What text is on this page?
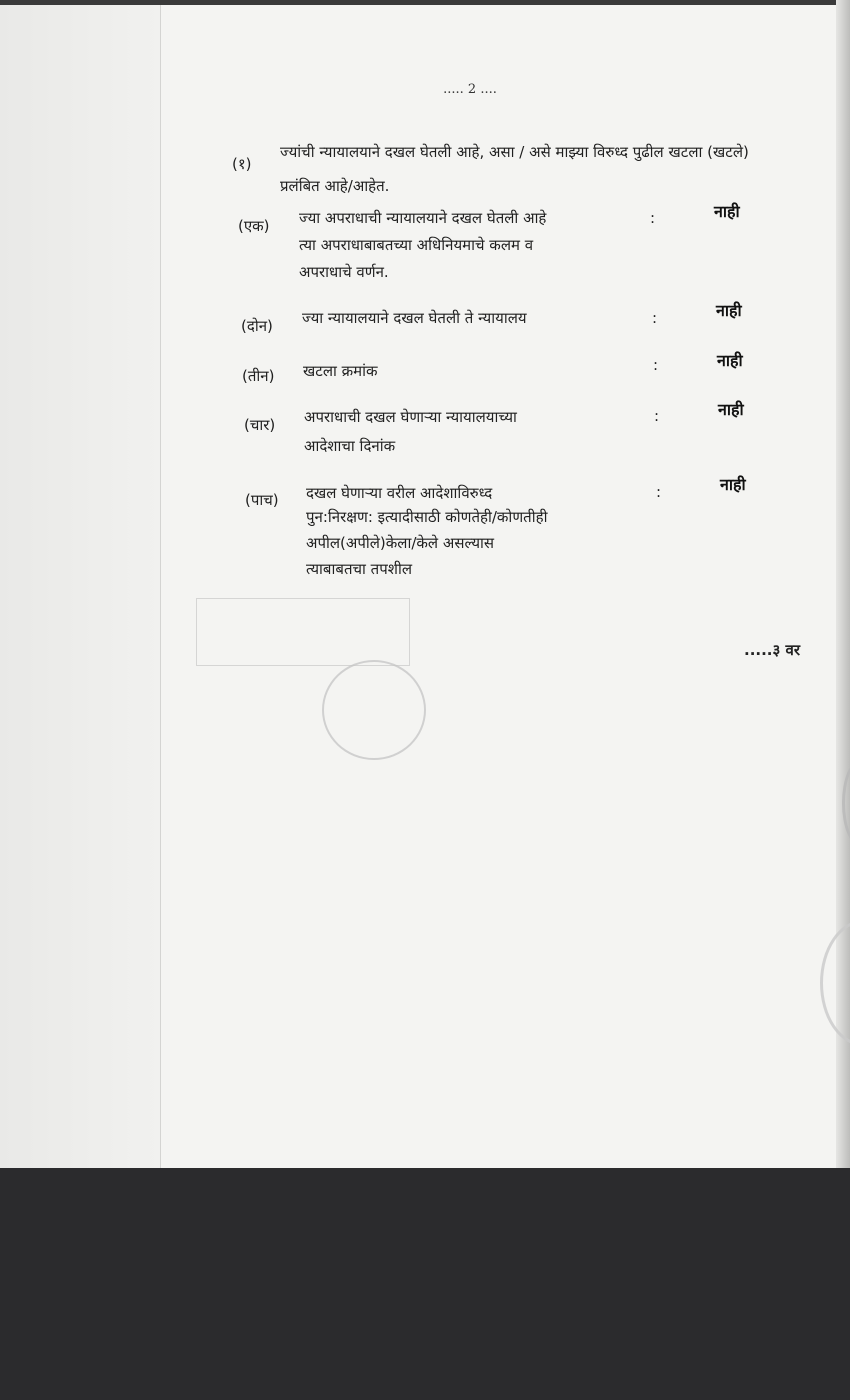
..... 2 ....
(१)
ज्यांची न्यायालयाने दखल घेतली आहे, असा / असे माझ्या विरुध्द पुढील खटला (खटले)
प्रलंबित आहे/आहेत.
(एक) ज्या अपराधाची न्यायालयाने दखल घेतली आहे
त्या अपराधाबाबतच्या अधिनियमाचे कलम व
अपराधाचे वर्णन.
:	नाही
(दोन) ज्या न्यायालयाने दखल घेतली ते न्यायालय	:	नाही
(तीन) खटला क्रमांक	:	नाही
(चार) अपराधाची दखल घेणाऱ्या न्यायालयाच्या
आदेशाचा दिनांक
:	नाही
(पाच) दखल घेणाऱ्या वरील आदेशाविरुध्द
पुन:निरक्षण: इत्यादीसाठी कोणतेही/कोणतीही
अपील(अपीले)केला/केले असल्यास
त्याबाबतचा तपशील
:	नाही
.....३ वर
